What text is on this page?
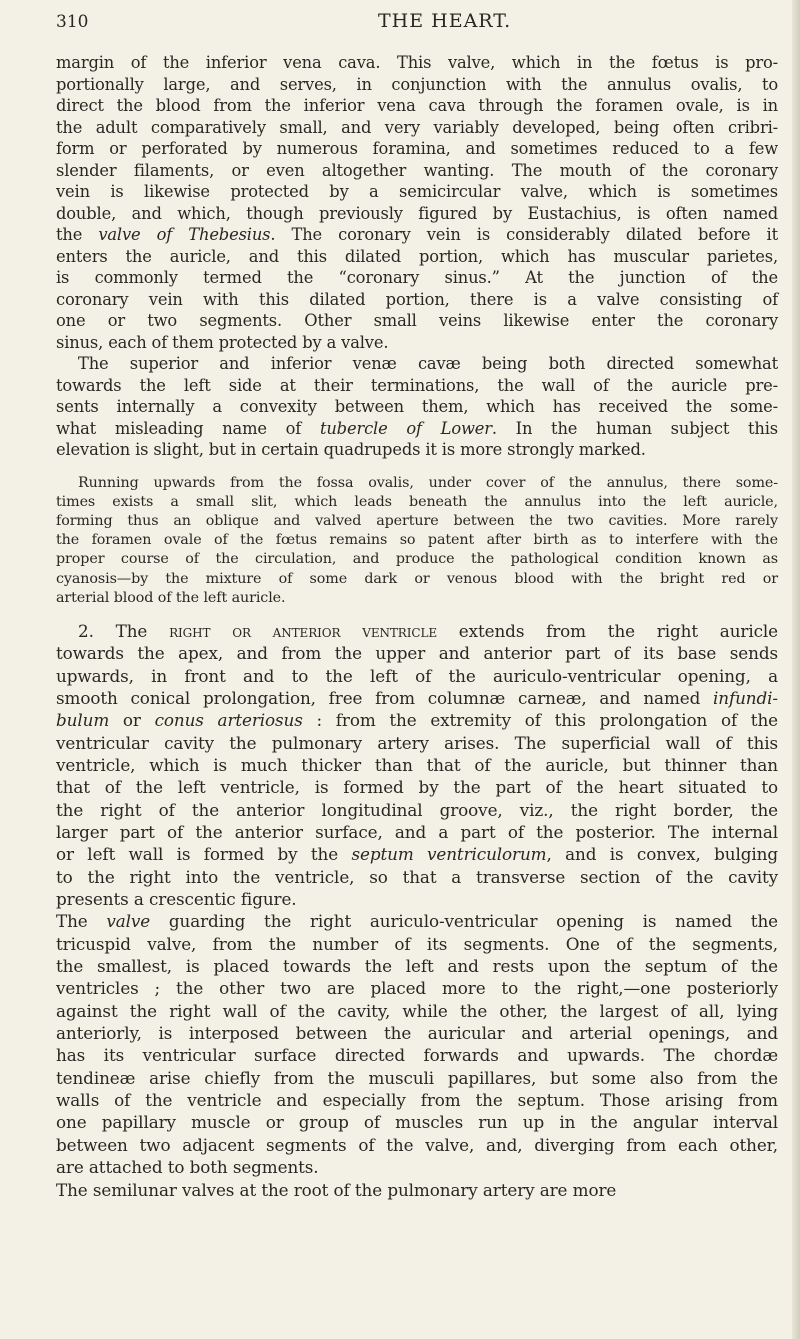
310	THE HEART.
margin of the inferior vena cava. This valve, which in the fœtus is pro-
portionally large, and serves, in conjunction with the annulus ovalis, to
direct the blood from the inferior vena cava through the foramen ovale, is in
the adult comparatively small, and very variably developed, being often cribri-
form or perforated by numerous foramina, and sometimes reduced to a few
slender filaments, or even altogether wanting. The mouth of the coronary
vein is likewise protected by a semicircular valve, which is sometimes
double, and which, though previously figured by Eustachius, is often named
the valve of Thebesius. The coronary vein is considerably dilated before it
enters the auricle, and this dilated portion, which has muscular parietes,
is commonly termed the “coronary sinus.” At the junction of the
coronary vein with this dilated portion, there is a valve consisting of
one or two segments. Other small veins likewise enter the coronary
sinus, each of them protected by a valve.
The superior and inferior venæ cavæ being both directed somewhat
towards the left side at their terminations, the wall of the auricle pre-
sents internally a convexity between them, which has received the some-
what misleading name of tubercle of Lower. In the human subject this
elevation is slight, but in certain quadrupeds it is more strongly marked.
Running upwards from the fossa ovalis, under cover of the annulus, there some-
times exists a small slit, which leads beneath the annulus into the left auricle,
forming thus an oblique and valved aperture between the two cavities. More rarely
the foramen ovale of the fœtus remains so patent after birth as to interfere with the
proper course of the circulation, and produce the pathological condition known as
cyanosis—by the mixture of some dark or venous blood with the bright red or
arterial blood of the left auricle.
2. The right or anterior ventricle extends from the right auricle
towards the apex, and from the upper and anterior part of its base sends
upwards, in front and to the left of the auriculo-ventricular opening, a
smooth conical prolongation, free from columnæ carneæ, and named infundi-
bulum or conus arteriosus : from the extremity of this prolongation of the
ventricular cavity the pulmonary artery arises. The superficial wall of this
ventricle, which is much thicker than that of the auricle, but thinner than
that of the left ventricle, is formed by the part of the heart situated to
the right of the anterior longitudinal groove, viz., the right border, the
larger part of the anterior surface, and a part of the posterior. The internal
or left wall is formed by the septum ventriculorum, and is convex, bulging
to the right into the ventricle, so that a transverse section of the cavity
presents a crescentic figure.
The valve guarding the right auriculo-ventricular opening is named the
tricuspid valve, from the number of its segments. One of the segments,
the smallest, is placed towards the left and rests upon the septum of the
ventricles ; the other two are placed more to the right,—one posteriorly
against the right wall of the cavity, while the other, the largest of all, lying
anteriorly, is interposed between the auricular and arterial openings, and
has its ventricular surface directed forwards and upwards. The chordæ
tendineæ arise chiefly from the musculi papillares, but some also from the
walls of the ventricle and especially from the septum. Those arising from
one papillary muscle or group of muscles run up in the angular interval
between two adjacent segments of the valve, and, diverging from each other,
are attached to both segments.
The semilunar valves at the root of the pulmonary artery are more
